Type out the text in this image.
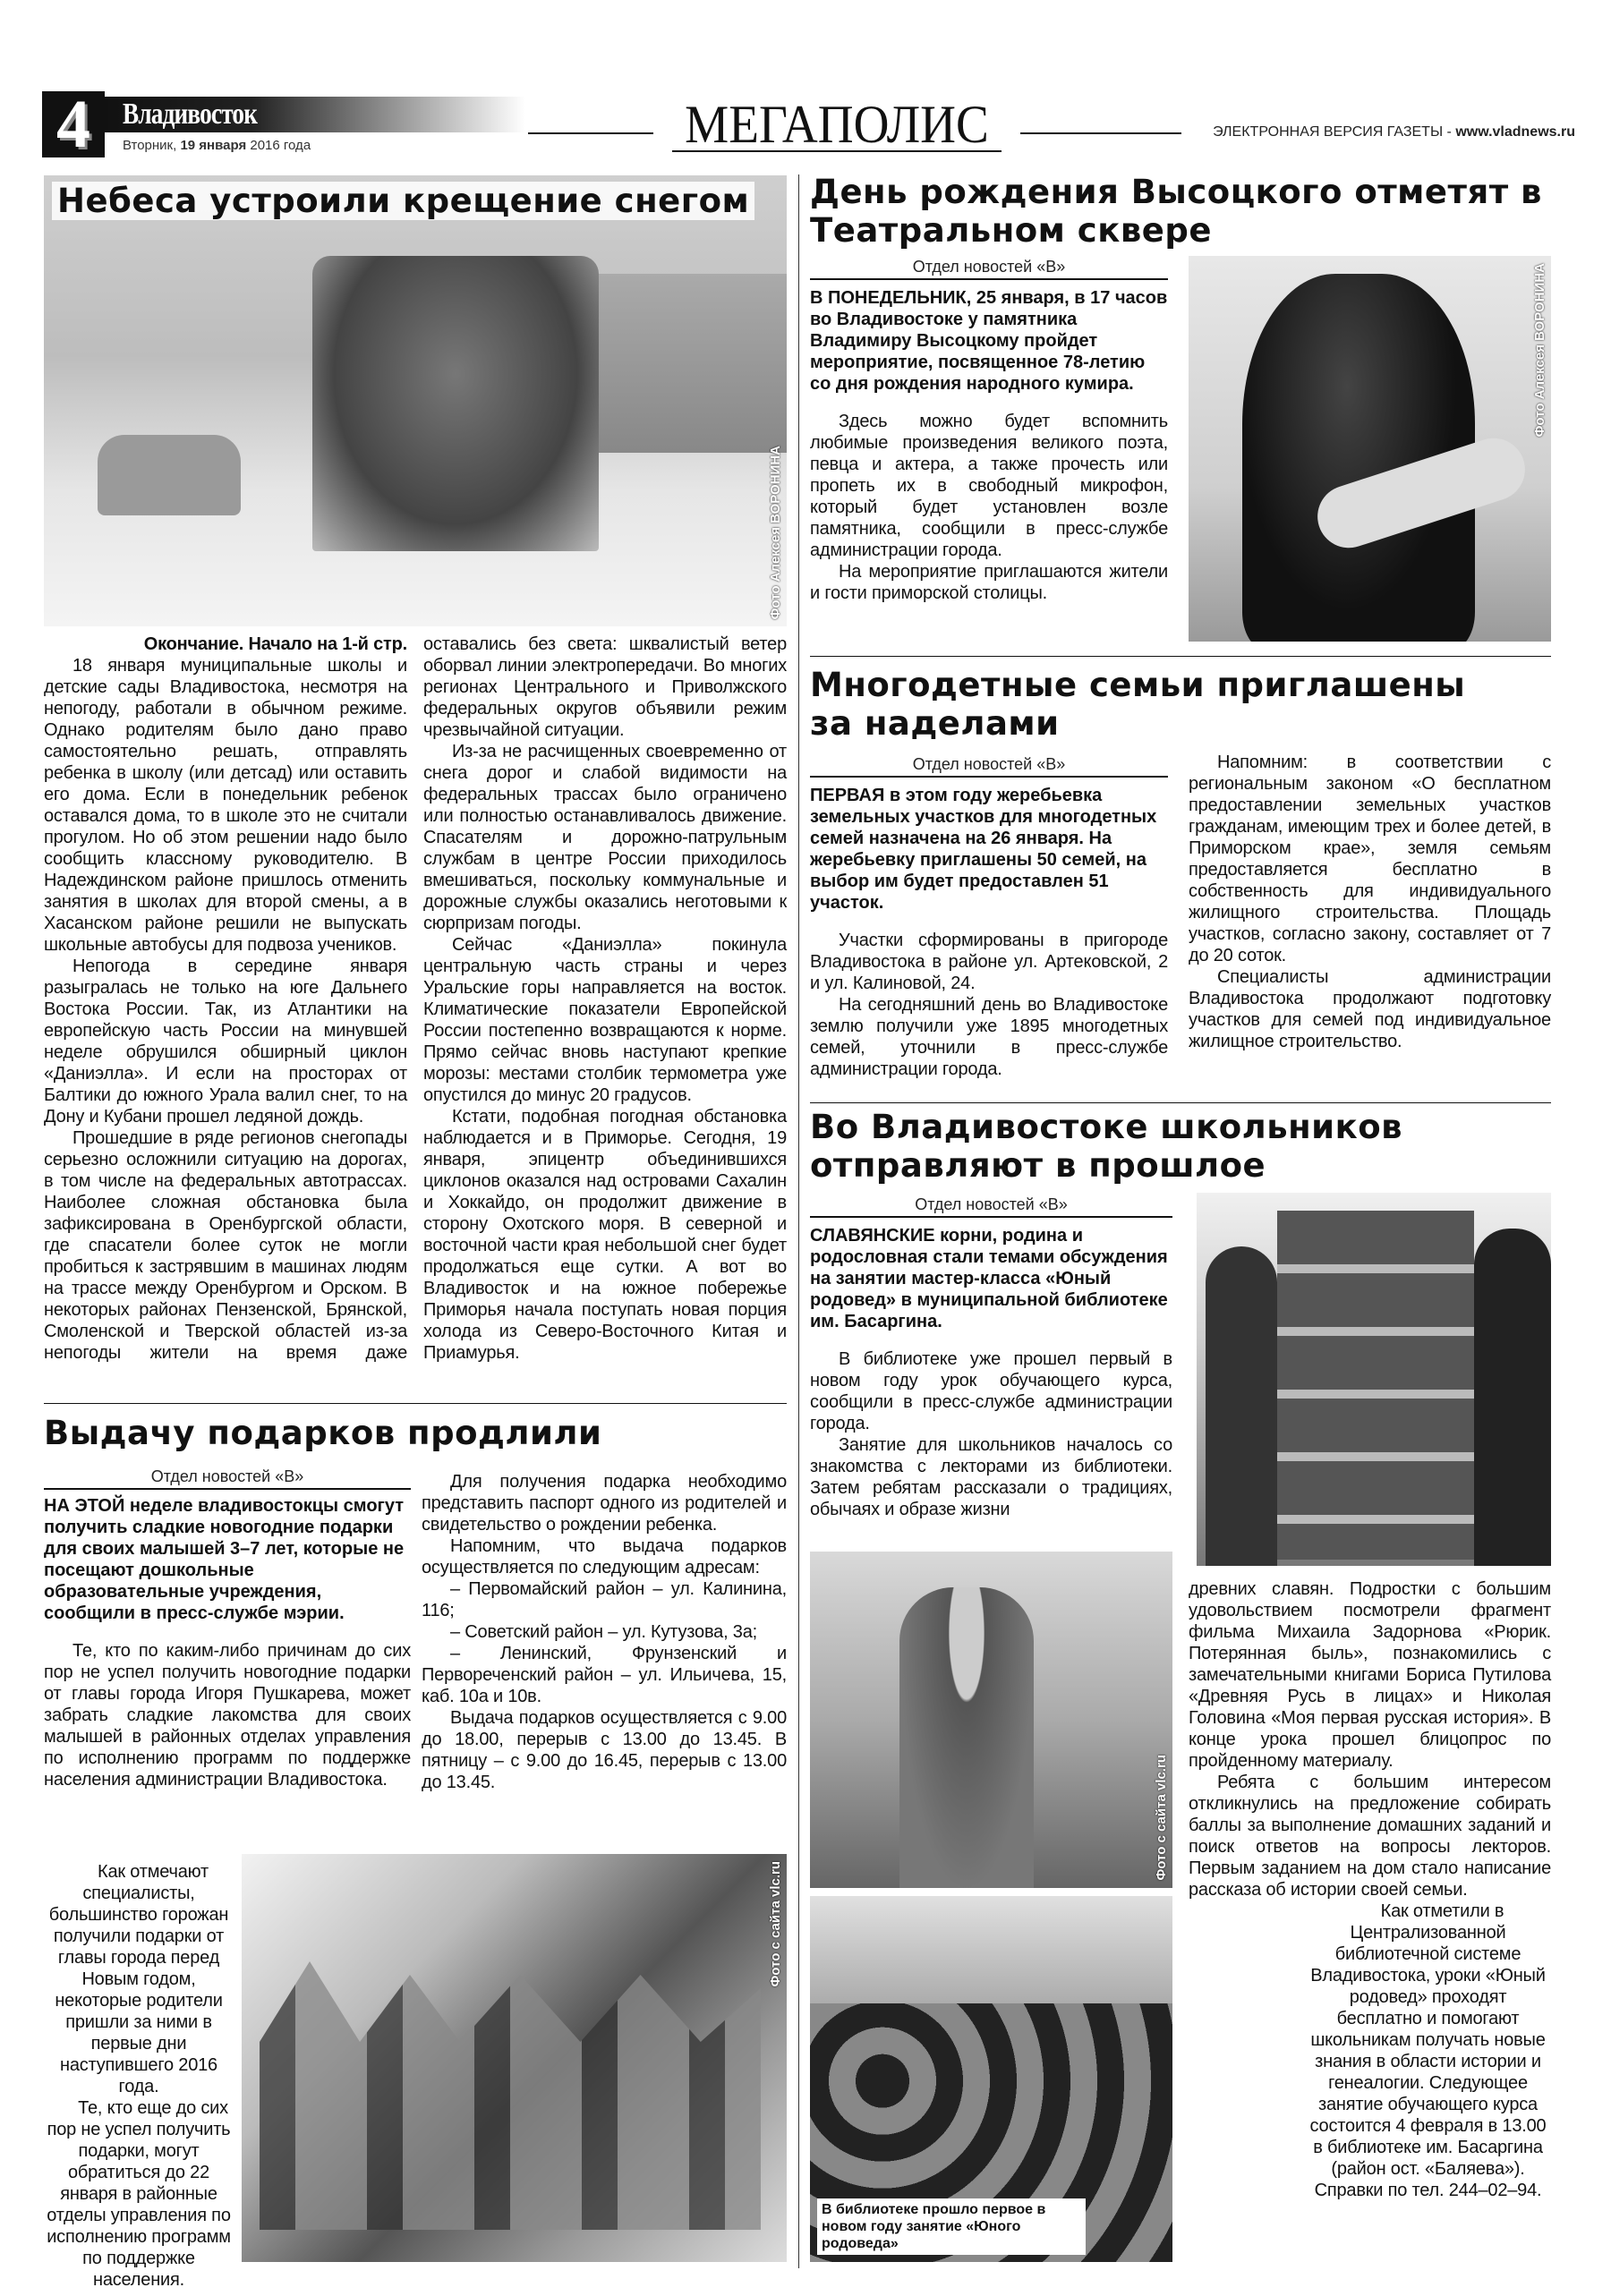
4	Владивосток
Вторник, 19 января 2016 года	МЕГАПОЛИС	ЭЛЕКТРОННАЯ ВЕРСИЯ ГАЗЕТЫ - www.vladnews.ru
Фото Алексея ВОРОНИНА
Небеса устроили крещение снегом

Окончание. Начало на 1-й стр.

18 января муниципальные школы и детские сады Владивостока, несмотря на непогоду, работали в обычном режиме. Однако родителям было дано право самостоятельно решать, отправлять ребенка в школу (или детсад) или оставить его дома. Если в понедельник ребенок оставался дома, то в школе это не считали прогулом. Но об этом решении надо было сообщить классному руководителю. В Надеждинском районе пришлось отменить занятия в школах для второй смены, а в Хасанском районе решили не выпускать школьные автобусы для подвоза учеников.

Непогода в середине января разыгралась не только на юге Дальнего Востока России. Так, из Атлантики на европейскую часть России на минувшей неделе обрушился обширный циклон «Даниэлла». И если на просторах от Балтики до южного Урала валил снег, то на Дону и Кубани прошел ледяной дождь.

Прошедшие в ряде регионов снегопады серьезно осложнили ситуацию на дорогах, в том числе на федеральных автотрассах. Наиболее сложная обстановка была зафиксирована в Оренбургской области, где спасатели более суток не могли пробиться к застрявшим в машинах людям на трассе между Оренбургом и Орском. В некоторых районах Пензенской, Брянской, Смоленской и Тверской областей из-за непогоды жители на время даже оставались без света: шквалистый ветер оборвал линии электропередачи. Во многих регионах Центрального и Приволжского федеральных округов объявили режим чрезвычайной ситуации.

Из-за не расчищенных своевременно от снега дорог и слабой видимости на федеральных трассах было ограничено или полностью останавливалось движение. Спасателям и дорожно-патрульным службам в центре России приходилось вмешиваться, поскольку коммунальные и дорожные службы оказались неготовыми к сюрпризам погоды.

Сейчас «Даниэлла» покинула центральную часть страны и через Уральские горы направляется на восток. Климатические показатели Европейской России постепенно возвращаются к норме. Прямо сейчас вновь наступают крепкие морозы: местами столбик термометра уже опустился до минус 20 градусов.

Кстати, подобная погодная обстановка наблюдается и в Приморье. Сегодня, 19 января, эпицентр объединившихся циклонов оказался над островами Сахалин и Хоккайдо, он продолжит движение в сторону Охотского моря. В северной и восточной части края небольшой снег будет продолжаться еще сутки. А вот во Владивосток и на южное побережье Приморья начала поступать новая порция холода из Северо-Восточного Китая и Приамурья.

Выдачу подарков продлили
Отдел новостей «В»
НА ЭТОЙ неделе владивостокцы смогут получить сладкие новогодние подарки для своих малышей 3–7 лет, которые не посещают дошкольные образовательные учреждения, сообщили в пресс-службе мэрии.

Те, кто по каким-либо причинам до сих пор не успел получить новогодние подарки от главы города Игоря Пушкарева, может забрать сладкие лакомства для своих малышей в районных отделах управления по исполнению программ по поддержке населения администрации Владивостока.

Как отмечают специалисты, большинство горожан получили подарки от главы города перед Новым годом, некоторые родители пришли за ними в первые дни наступившего 2016 года.

Те, кто еще до сих пор не успел получить подарки, могут обратиться до 22 января в районные отделы управления по исполнению программ по поддержке населения.

Для получения подарка необходимо представить паспорт одного из родителей и свидетельство о рождении ребенка.

Напомним, что выдача подарков осуществляется по следующим адресам:

– Первомайский район – ул. Калинина, 116;

– Советский район – ул. Кутузова, 3а;

– Ленинский, Фрунзенский и Первореченский район – ул. Ильичева, 15, каб. 10а и 10в.

Выдача подарков осуществляется с 9.00 до 18.00, перерыв с 13.00 до 13.45. В пятницу – с 9.00 до 16.45, перерыв с 13.00 до 13.45.

Фото с сайта vlc.ru
День рождения Высоцкого отметят в Театральном сквере
Отдел новостей «В»
В ПОНЕДЕЛЬНИК, 25 января, в 17 часов во Владивостоке у памятника Владимиру Высоцкому пройдет мероприятие, посвященное 78-летию со дня рождения народного кумира.

Здесь можно будет вспомнить любимые произведения великого поэта, певца и актера, а также прочесть или пропеть их в свободный микрофон, который будет установлен возле памятника, сообщили в пресс-службе администрации города.

На мероприятие приглашаются жители и гости приморской столицы.

Фото Алексея ВОРОНИНА
Многодетные семьи приглашены за наделами
Отдел новостей «В»
ПЕРВАЯ в этом году жеребьевка земельных участков для многодетных семей назначена на 26 января. На жеребьевку приглашены 50 семей, на выбор им будет предоставлен 51 участок.

Участки сформированы в пригороде Владивостока в районе ул. Артековской, 2 и ул. Калиновой, 24.

На сегодняшний день во Владивостоке землю получили уже 1895 многодетных семей, уточнили в пресс-службе администрации города.

Напомним: в соответствии с региональным законом «О бесплатном предоставлении земельных участков гражданам, имеющим трех и более детей, в Приморском крае», земля семьям предоставляется бесплатно в собственность для индивидуального жилищного строительства. Площадь участков, согласно закону, составляет от 7 до 20 соток.

Специалисты администрации Владивостока продолжают подготовку участков для семей под индивидуальное жилищное строительство.

Во Владивостоке школьников отправляют в прошлое
Отдел новостей «В»
СЛАВЯНСКИЕ корни, родина и родословная стали темами обсуждения на занятии мастер-класса «Юный родовед» в муниципальной библиотеке им. Басаргина.

В библиотеке уже прошел первый в новом году урок обучающего курса, сообщили в пресс-службе администрации города.

Занятие для школьников началось со знакомства с лекторами из библиотеки. Затем ребятам рассказали о традициях, обычаях и образе жизни

Фото с сайта vlc.ru
В библиотеке прошло первое в новом году занятие «Юного родоведа»

древних славян. Подростки с большим удовольствием посмотрели фрагмент фильма Михаила Задорнова «Рюрик. Потерянная быль», познакомились с замечательными книгами Бориса Путилова «Древняя Русь в лицах» и Николая Головина «Моя первая русская история». В конце урока прошел блицопрос по пройденному материалу.

Ребята с большим интересом откликнулись на предложение собирать баллы за выполнение домашних заданий и поиск ответов на вопросы лекторов. Первым заданием на дом стало написание рассказа об истории своей семьи.

Как отметили в Централизованной библиотечной системе Владивостока, уроки «Юный родовед» проходят бесплатно и помогают школьникам получать новые знания в области истории и генеалогии. Следующее занятие обучающего курса состоится 4 февраля в 13.00 в библиотеке им. Басаргина (район ост. «Баляева»). Справки по тел. 244–02–94.
